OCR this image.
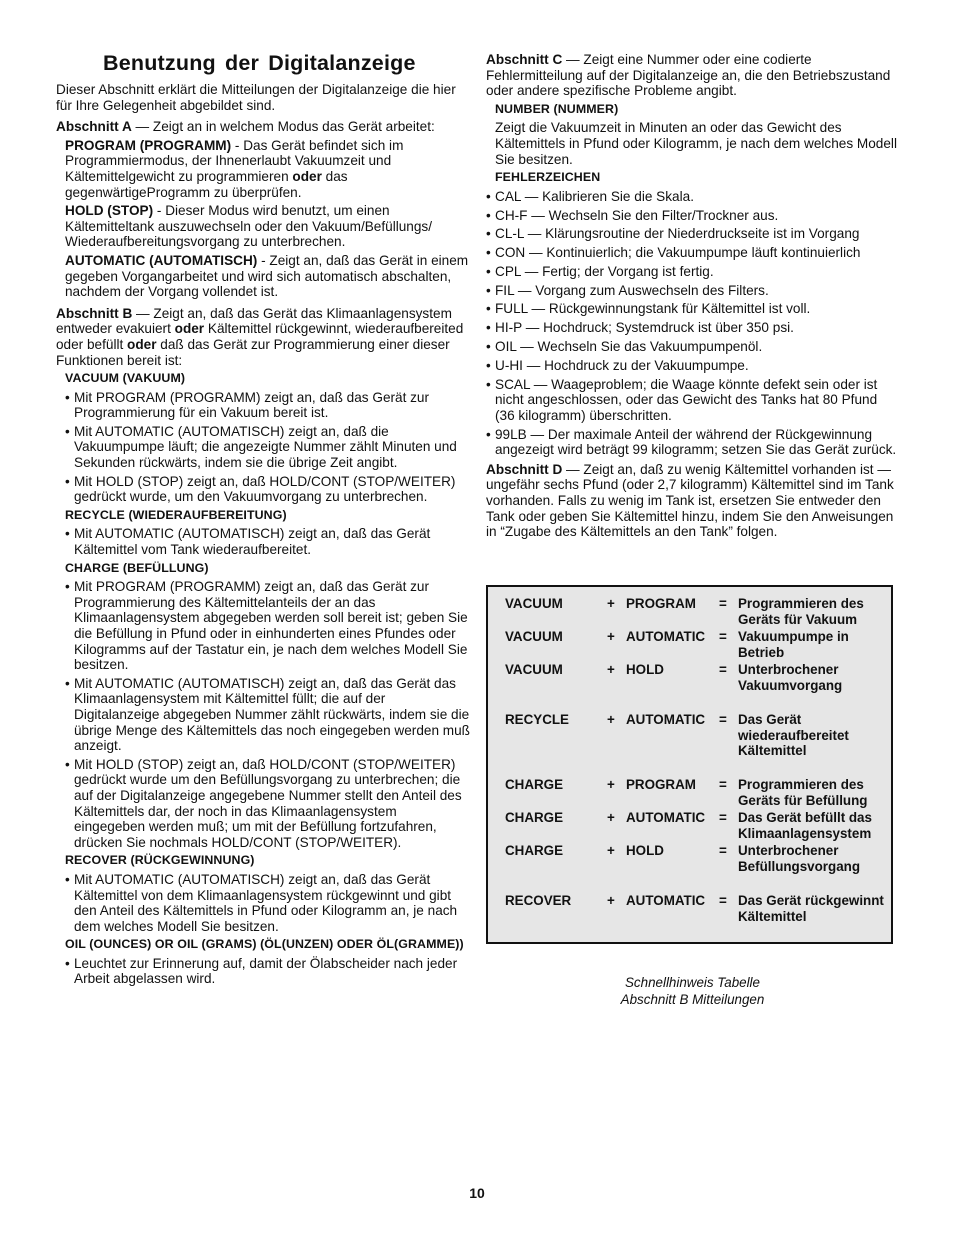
Benutzung der Digitalanzeige

Dieser Abschnitt erklärt die Mitteilungen der Digitalanzeige die hier für Ihre Gelegenheit abgebildet sind.

Abschnitt A — Zeigt an in welchem Modus das Gerät arbeitet:

PROGRAM (PROGRAMM) - Das Gerät befindet sich im Programmiermodus, der Ihnenerlaubt Vakuumzeit und Kältemittelgewicht zu programmieren oder das gegenwärtigeProgramm zu überprüfen.

HOLD (STOP) - Dieser Modus wird benutzt, um einen Kältemitteltank auszuwechseln oder den Vakuum/Befüllungs/ Wiederaufbereitungsvorgang zu unterbrechen.

AUTOMATIC (AUTOMATISCH) - Zeigt an, daß das Gerät in einem gegeben Vorgangarbeitet und wird sich automatisch abschalten, nachdem der Vorgang vollendet ist.

Abschnitt B — Zeigt an, daß das Gerät das Klimaanlagensystem entweder evakuiert oder Kältemittel rückgewinnt, wiederaufbereited oder befüllt oder daß das Gerät zur Programmierung einer dieser Funktionen bereit ist:

VACUUM (VAKUUM)
• Mit PROGRAM (PROGRAMM) zeigt an, daß das Gerät zur Programmierung für ein Vakuum bereit ist.
• Mit AUTOMATIC (AUTOMATISCH) zeigt an, daß die Vakuumpumpe läuft; die angezeigte Nummer zählt Minuten und Sekunden rückwärts, indem sie die übrige Zeit angibt.
• Mit HOLD (STOP) zeigt an, daß HOLD/CONT (STOP/WEITER) gedrückt wurde, um den Vakuumvorgang zu unterbrechen.
RECYCLE (WIEDERAUFBEREITUNG)
• Mit AUTOMATIC (AUTOMATISCH) zeigt an, daß das Gerät Kältemittel vom Tank wiederaufbereitet.
CHARGE (BEFÜLLUNG)
• Mit PROGRAM (PROGRAMM) zeigt an, daß das Gerät zur Programmierung des Kältemittelanteils der an das Klimaanlagensystem abgegeben werden soll bereit ist; geben Sie die Befüllung in Pfund oder in einhunderten eines Pfundes oder Kilogramms auf der Tastatur ein, je nach dem welches Modell Sie besitzen.
• Mit AUTOMATIC (AUTOMATISCH) zeigt an, daß das Gerät das Klimaanlagensystem mit Kältemittel füllt; die auf der Digitalanzeige abgegeben Nummer zählt rückwärts, indem sie die übrige Menge des Kältemittels das noch eingegeben werden muß anzeigt.
• Mit HOLD (STOP) zeigt an, daß HOLD/CONT (STOP/WEITER) gedrückt wurde um den Befüllungsvorgang zu unterbrechen; die auf der Digitalanzeige angegebene Nummer stellt den Anteil des Kältemittels dar, der noch in das Klimaanlagensystem eingegeben werden muß; um mit der Befüllung fortzufahren, drücken Sie nochmals HOLD/CONT (STOP/WEITER).
RECOVER (RÜCKGEWINNUNG)
• Mit AUTOMATIC (AUTOMATISCH) zeigt an, daß das Gerät Kältemittel von dem Klimaanlagensystem rückgewinnt und gibt den Anteil des Kältemittels in Pfund oder Kilogramm an, je nach dem welches Modell Sie besitzen.
OIL (OUNCES) OR OIL (GRAMS) (ÖL(UNZEN) ODER ÖL(GRAMME))
• Leuchtet zur Erinnerung auf, damit der Ölabscheider nach jeder Arbeit abgelassen wird.

Abschnitt C — Zeigt eine Nummer oder eine codierte Fehlermitteilung auf der Digitalanzeige an, die den Betriebszustand oder andere spezifische Probleme angibt.

NUMBER (NUMMER)

Zeigt die Vakuumzeit in Minuten an oder das Gewicht des Kältemittels in Pfund oder Kilogramm, je nach dem welches Modell Sie besitzen.

FEHLERZEICHEN
• CAL — Kalibrieren Sie die Skala.
• CH-F — Wechseln Sie den Filter/Trockner aus.
• CL-L — Klärungsroutine der Niederdruckseite ist im Vorgang
• CON — Kontinuierlich; die Vakuumpumpe läuft kontinuierlich
• CPL — Fertig; der Vorgang ist fertig.
• FIL — Vorgang zum Auswechseln des Filters.
• FULL — Rückgewinnungstank für Kältemittel ist voll.
• HI-P — Hochdruck; Systemdruck ist über 350 psi.
• OIL — Wechseln Sie das Vakuumpumpenöl.
• U-HI — Hochdruck zu der Vakuumpumpe.
• SCAL — Waageproblem; die Waage könnte defekt sein oder ist nicht angeschlossen, oder das Gewicht des Tanks hat 80 Pfund (36 kilogramm) überschritten.
• 99LB — Der maximale Anteil der während der Rückgewinnung angezeigt wird beträgt 99 kilogramm; setzen Sie das Gerät zurück.

Abschnitt D — Zeigt an, daß zu wenig Kältemittel vorhanden ist — ungefähr sechs Pfund (oder 2,7 kilogramm) Kältemittel sind im Tank vorhanden. Falls zu wenig im Tank ist, ersetzen Sie entweder den Tank oder geben Sie Kältemittel hinzu, indem Sie den Anweisungen in “Zugabe des Kältemittels an den Tank” folgen.

VACUUM	+ PROGRAM = Programmieren des Geräts für Vakuum
VACUUM	+ AUTOMATIC = Vakuumpumpe in Betrieb
VACUUM	+ HOLD	= Unterbrochener Vakuumvorgang
RECYCLE	+ AUTOMATIC = Das Gerät wiederaufbereitet Kältemittel
CHARGE	+ PROGRAM = Programmieren des Geräts für Befüllung
CHARGE	+ AUTOMATIC = Das Gerät befüllt das Klimaanlagensystem
CHARGE	+ HOLD	= Unterbrochener Befüllungsvorgang
RECOVER	+ AUTOMATIC = Das Gerät rückgewinnt Kältemittel
Schnellhinweis Tabelle
Abschnitt B Mitteilungen
10
